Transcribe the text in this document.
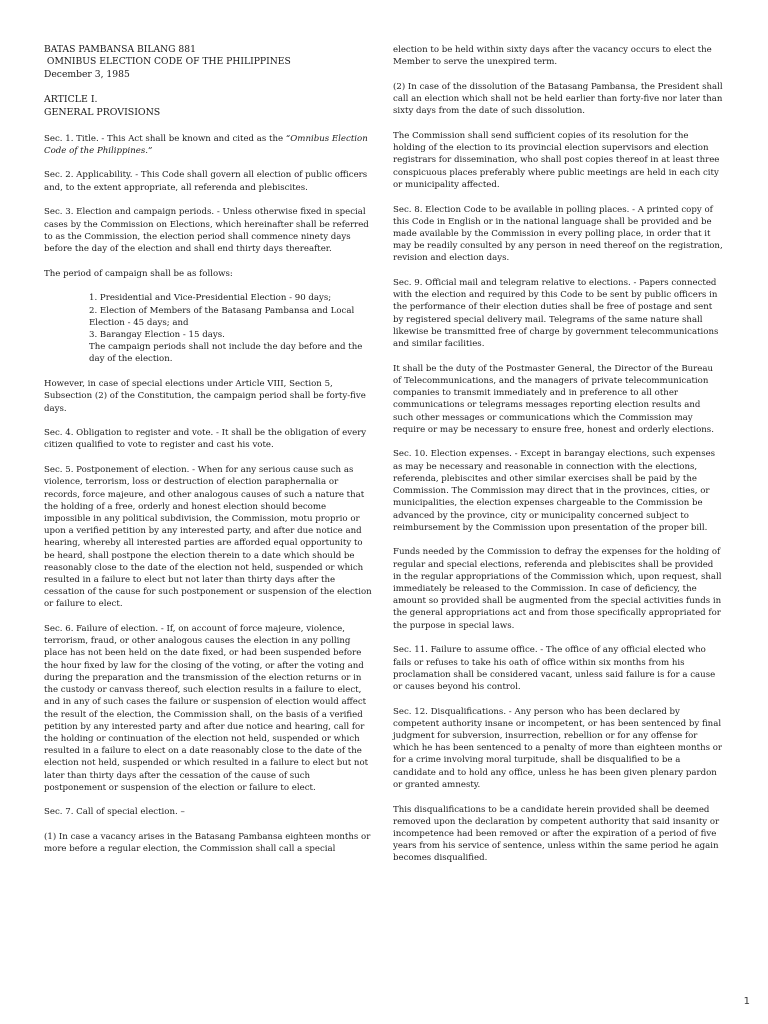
BATAS PAMBANSA BILANG 881
OMNIBUS ELECTION CODE OF THE PHILIPPINES
December 3, 1985
ARTICLE I.
GENERAL PROVISIONS

Sec. 1. Title. - This Act shall be known and cited as the “Omnibus Election Code of the Philippines.”

Sec. 2. Applicability. - This Code shall govern all election of public officers and, to the extent appropriate, all referenda and plebiscites.

Sec. 3. Election and campaign periods. - Unless otherwise fixed in special cases by the Commission on Elections, which hereinafter shall be referred to as the Commission, the election period shall commence ninety days before the day of the election and shall end thirty days thereafter.

The period of campaign shall be as follows:

1. Presidential and Vice-Presidential Election - 90 days;
2. Election of Members of the Batasang Pambansa and Local Election - 45 days; and
3. Barangay Election - 15 days.
The campaign periods shall not include the day before and the day of the election.

However, in case of special elections under Article VIII, Section 5, Subsection (2) of the Constitution, the campaign period shall be forty-five days.

Sec. 4. Obligation to register and vote. - It shall be the obligation of every citizen qualified to vote to register and cast his vote.

Sec. 5. Postponement of election. - When for any serious cause such as violence, terrorism, loss or destruction of election paraphernalia or records, force majeure, and other analogous causes of such a nature that the holding of a free, orderly and honest election should become impossible in any political subdivision, the Commission, motu proprio or upon a verified petition by any interested party, and after due notice and hearing, whereby all interested parties are afforded equal opportunity to be heard, shall postpone the election therein to a date which should be reasonably close to the date of the election not held, suspended or which resulted in a failure to elect but not later than thirty days after the cessation of the cause for such postponement or suspension of the election or failure to elect.

Sec. 6. Failure of election. - If, on account of force majeure, violence, terrorism, fraud, or other analogous causes the election in any polling place has not been held on the date fixed, or had been suspended before the hour fixed by law for the closing of the voting, or after the voting and during the preparation and the transmission of the election returns or in the custody or canvass thereof, such election results in a failure to elect, and in any of such cases the failure or suspension of election would affect the result of the election, the Commission shall, on the basis of a verified petition by any interested party and after due notice and hearing, call for the holding or continuation of the election not held, suspended or which resulted in a failure to elect on a date reasonably close to the date of the election not held, suspended or which resulted in a failure to elect but not later than thirty days after the cessation of the cause of such postponement or suspension of the election or failure to elect.

Sec. 7. Call of special election. –

(1) In case a vacancy arises in the Batasang Pambansa eighteen months or more before a regular election, the Commission shall call a special

election to be held within sixty days after the vacancy occurs to elect the Member to serve the unexpired term.

(2) In case of the dissolution of the Batasang Pambansa, the President shall call an election which shall not be held earlier than forty-five nor later than sixty days from the date of such dissolution.

The Commission shall send sufficient copies of its resolution for the holding of the election to its provincial election supervisors and election registrars for dissemination, who shall post copies thereof in at least three conspicuous places preferably where public meetings are held in each city or municipality affected.

Sec. 8. Election Code to be available in polling places. - A printed copy of this Code in English or in the national language shall be provided and be made available by the Commission in every polling place, in order that it may be readily consulted by any person in need thereof on the registration, revision and election days.

Sec. 9. Official mail and telegram relative to elections. - Papers connected with the election and required by this Code to be sent by public officers in the performance of their election duties shall be free of postage and sent by registered special delivery mail. Telegrams of the same nature shall likewise be transmitted free of charge by government telecommunications and similar facilities.

It shall be the duty of the Postmaster General, the Director of the Bureau of Telecommunications, and the managers of private telecommunication companies to transmit immediately and in preference to all other communications or telegrams messages reporting election results and such other messages or communications which the Commission may require or may be necessary to ensure free, honest and orderly elections.

Sec. 10. Election expenses. - Except in barangay elections, such expenses as may be necessary and reasonable in connection with the elections, referenda, plebiscites and other similar exercises shall be paid by the Commission. The Commission may direct that in the provinces, cities, or municipalities, the election expenses chargeable to the Commission be advanced by the province, city or municipality concerned subject to reimbursement by the Commission upon presentation of the proper bill.

Funds needed by the Commission to defray the expenses for the holding of regular and special elections, referenda and plebiscites shall be provided in the regular appropriations of the Commission which, upon request, shall immediately be released to the Commission. In case of deficiency, the amount so provided shall be augmented from the special activities funds in the general appropriations act and from those specifically appropriated for the purpose in special laws.

Sec. 11. Failure to assume office. - The office of any official elected who fails or refuses to take his oath of office within six months from his proclamation shall be considered vacant, unless said failure is for a cause or causes beyond his control.

Sec. 12. Disqualifications. - Any person who has been declared by competent authority insane or incompetent, or has been sentenced by final judgment for subversion, insurrection, rebellion or for any offense for which he has been sentenced to a penalty of more than eighteen months or for a crime involving moral turpitude, shall be disqualified to be a candidate and to hold any office, unless he has been given plenary pardon or granted amnesty.

This disqualifications to be a candidate herein provided shall be deemed removed upon the declaration by competent authority that said insanity or incompetence had been removed or after the expiration of a period of five years from his service of sentence, unless within the same period he again becomes disqualified.

1
